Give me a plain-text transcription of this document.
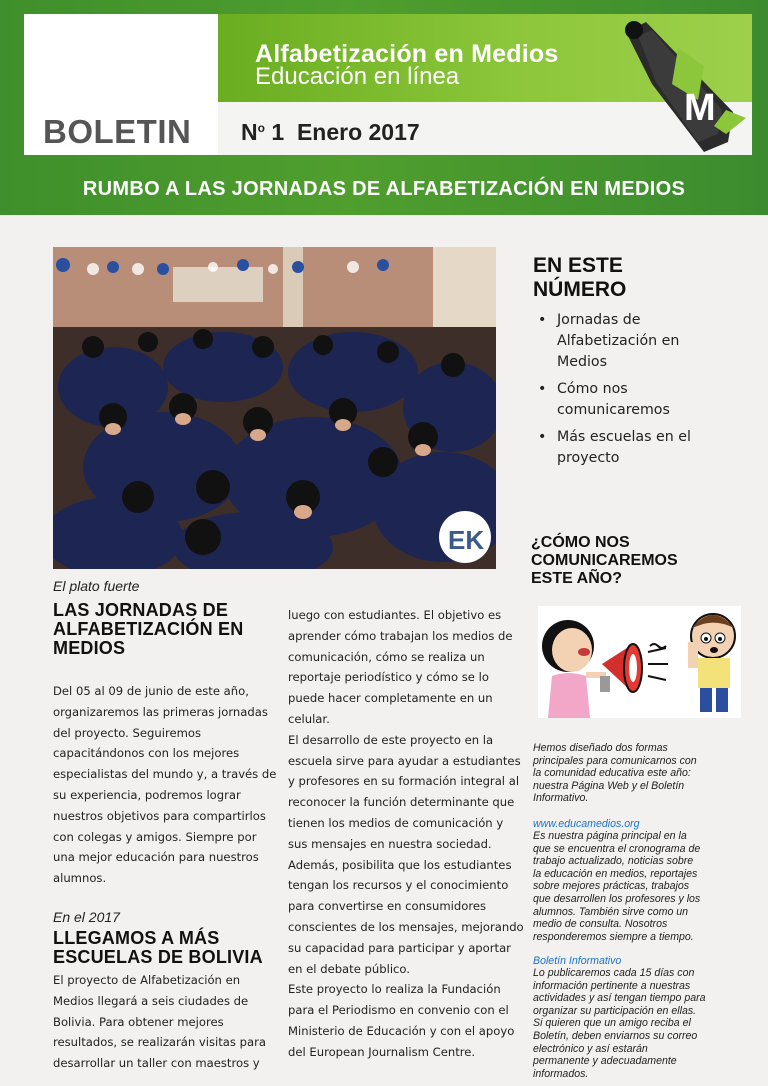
Alfabetización en Medios
Educación en línea
BOLETIN $N^o$ 1 Enero 2017
RUMBO A LAS JORNADAS DE ALFABETIZACIÓN EN MEDIOS
M
EK
El plato fuerte
LAS JORNADAS DE
ALFABETIZACIÓN EN
MEDIOS
Del 05 al 09 de junio de este año,
organizaremos las primeras jornadas
del proyecto. Seguiremos
capacitándonos con los mejores
especialistas del mundo y, a través de
su experiencia, podremos lograr
nuestros objetivos para compartirlos
con colegas y amigos. Siempre por
una mejor educación para nuestros
alumnos.
En el 2017
LLEGAMOS A MÁS
ESCUELAS DE BOLIVIA
El proyecto de Alfabetización en
Medios llegará a seis ciudades de
Bolivia. Para obtener mejores
resultados, se realizarán visitas para
desarrollar un taller con maestros y
luego con estudiantes. El objetivo es
aprender cómo trabajan los medios de
comunicación, cómo se realiza un
reportaje periodístico y cómo se lo
puede hacer completamente en un
celular.
El desarrollo de este proyecto en la
escuela sirve para ayudar a estudiantes
y profesores en su formación integral al
reconocer la función determinante que
tienen los medios de comunicación y
sus mensajes en nuestra sociedad.
Además, posibilita que los estudiantes
tengan los recursos y el conocimiento
para convertirse en consumidores
conscientes de los mensajes, mejorando
su capacidad para participar y aportar
en el debate público.
Este proyecto lo realiza la Fundación
para el Periodismo en convenio con el
Ministerio de Educación y con el apoyo
del European Journalism Centre.
EN ESTE
NÚMERO
• Jornadas de
Alfabetización en
Medios
• Cómo nos
comunicaremos
• Más escuelas en el
proyecto
¿CÓMO NOS
COMUNICAREMOS
ESTE AÑO?
Hemos diseñado dos formas
principales para comunicarnos con
la comunidad educativa este año:
nuestra Página Web y el Boletín
Informativo.
www.educamedios.org
Es nuestra página principal en la
que se encuentra el cronograma de
trabajo actualizado, noticias sobre
la educación en medios, reportajes
sobre mejores prácticas, trabajos
que desarrollen los profesores y los
alumnos. También sirve como un
medio de consulta. Nosotros
responderemos siempre a tiempo.
Boletín Informativo
Lo publicaremos cada 15 días con
información pertinente a nuestras
actividades y así tengan tiempo para
organizar su participación en ellas.
Si quieren que un amigo reciba el
Boletín, deben enviarnos su correo
electrónico y así estarán
permanente y adecuadamente
informados.
